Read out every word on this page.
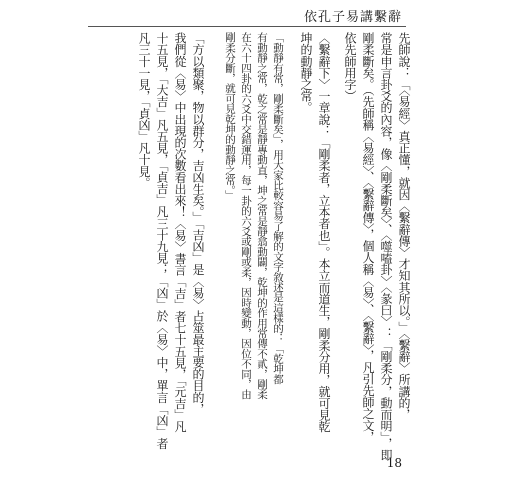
依孔子易講繫辭
先師說：「〈易經〉真正懂，就因〈繫辭傳〉才知其所以。」〈繫辭〉所講的，
常是申言卦爻的內容，像〈剛柔斷矣〉、〈噬嗑卦〉〈彖曰〉：「剛柔分，動而明」，即
剛柔斷矣。（先師稱〈易經〉、〈繫辭傳〉，個人稱〈易〉、〈繫辭〉，凡引先師之文，
依先師用字）
〈繫辭下〉一章說：「剛柔者，立本者也」。本立而道生，剛柔分用，就可見乾
坤的動靜之常。
「動靜有常，剛柔斷矣」，用大家比較容易了解的文字敘述是這樣的：「乾坤都
有動靜之常，乾之常是靜專動直，坤之常是靜翕動闢，乾坤的作用常傳不貳，剛柔
在六十四卦的六爻中交錯運用，每一卦的六爻或剛或柔，因時變動，因位不同，由
剛柔分斷，就可見乾坤的動靜之常。」
「方以類聚，物以群分，吉凶生矣。」「吉凶」是〈易〉占筮最主要的目的，
我們從〈易〉中出現的次數看出來！〈易〉書言「吉」者七十五見，「元吉」凡
十五見，「大吉」凡五見，「貞吉」凡三十九見；「凶」於〈易〉中，單言「凶」者
凡三十一見，「貞凶」凡十見。
18
